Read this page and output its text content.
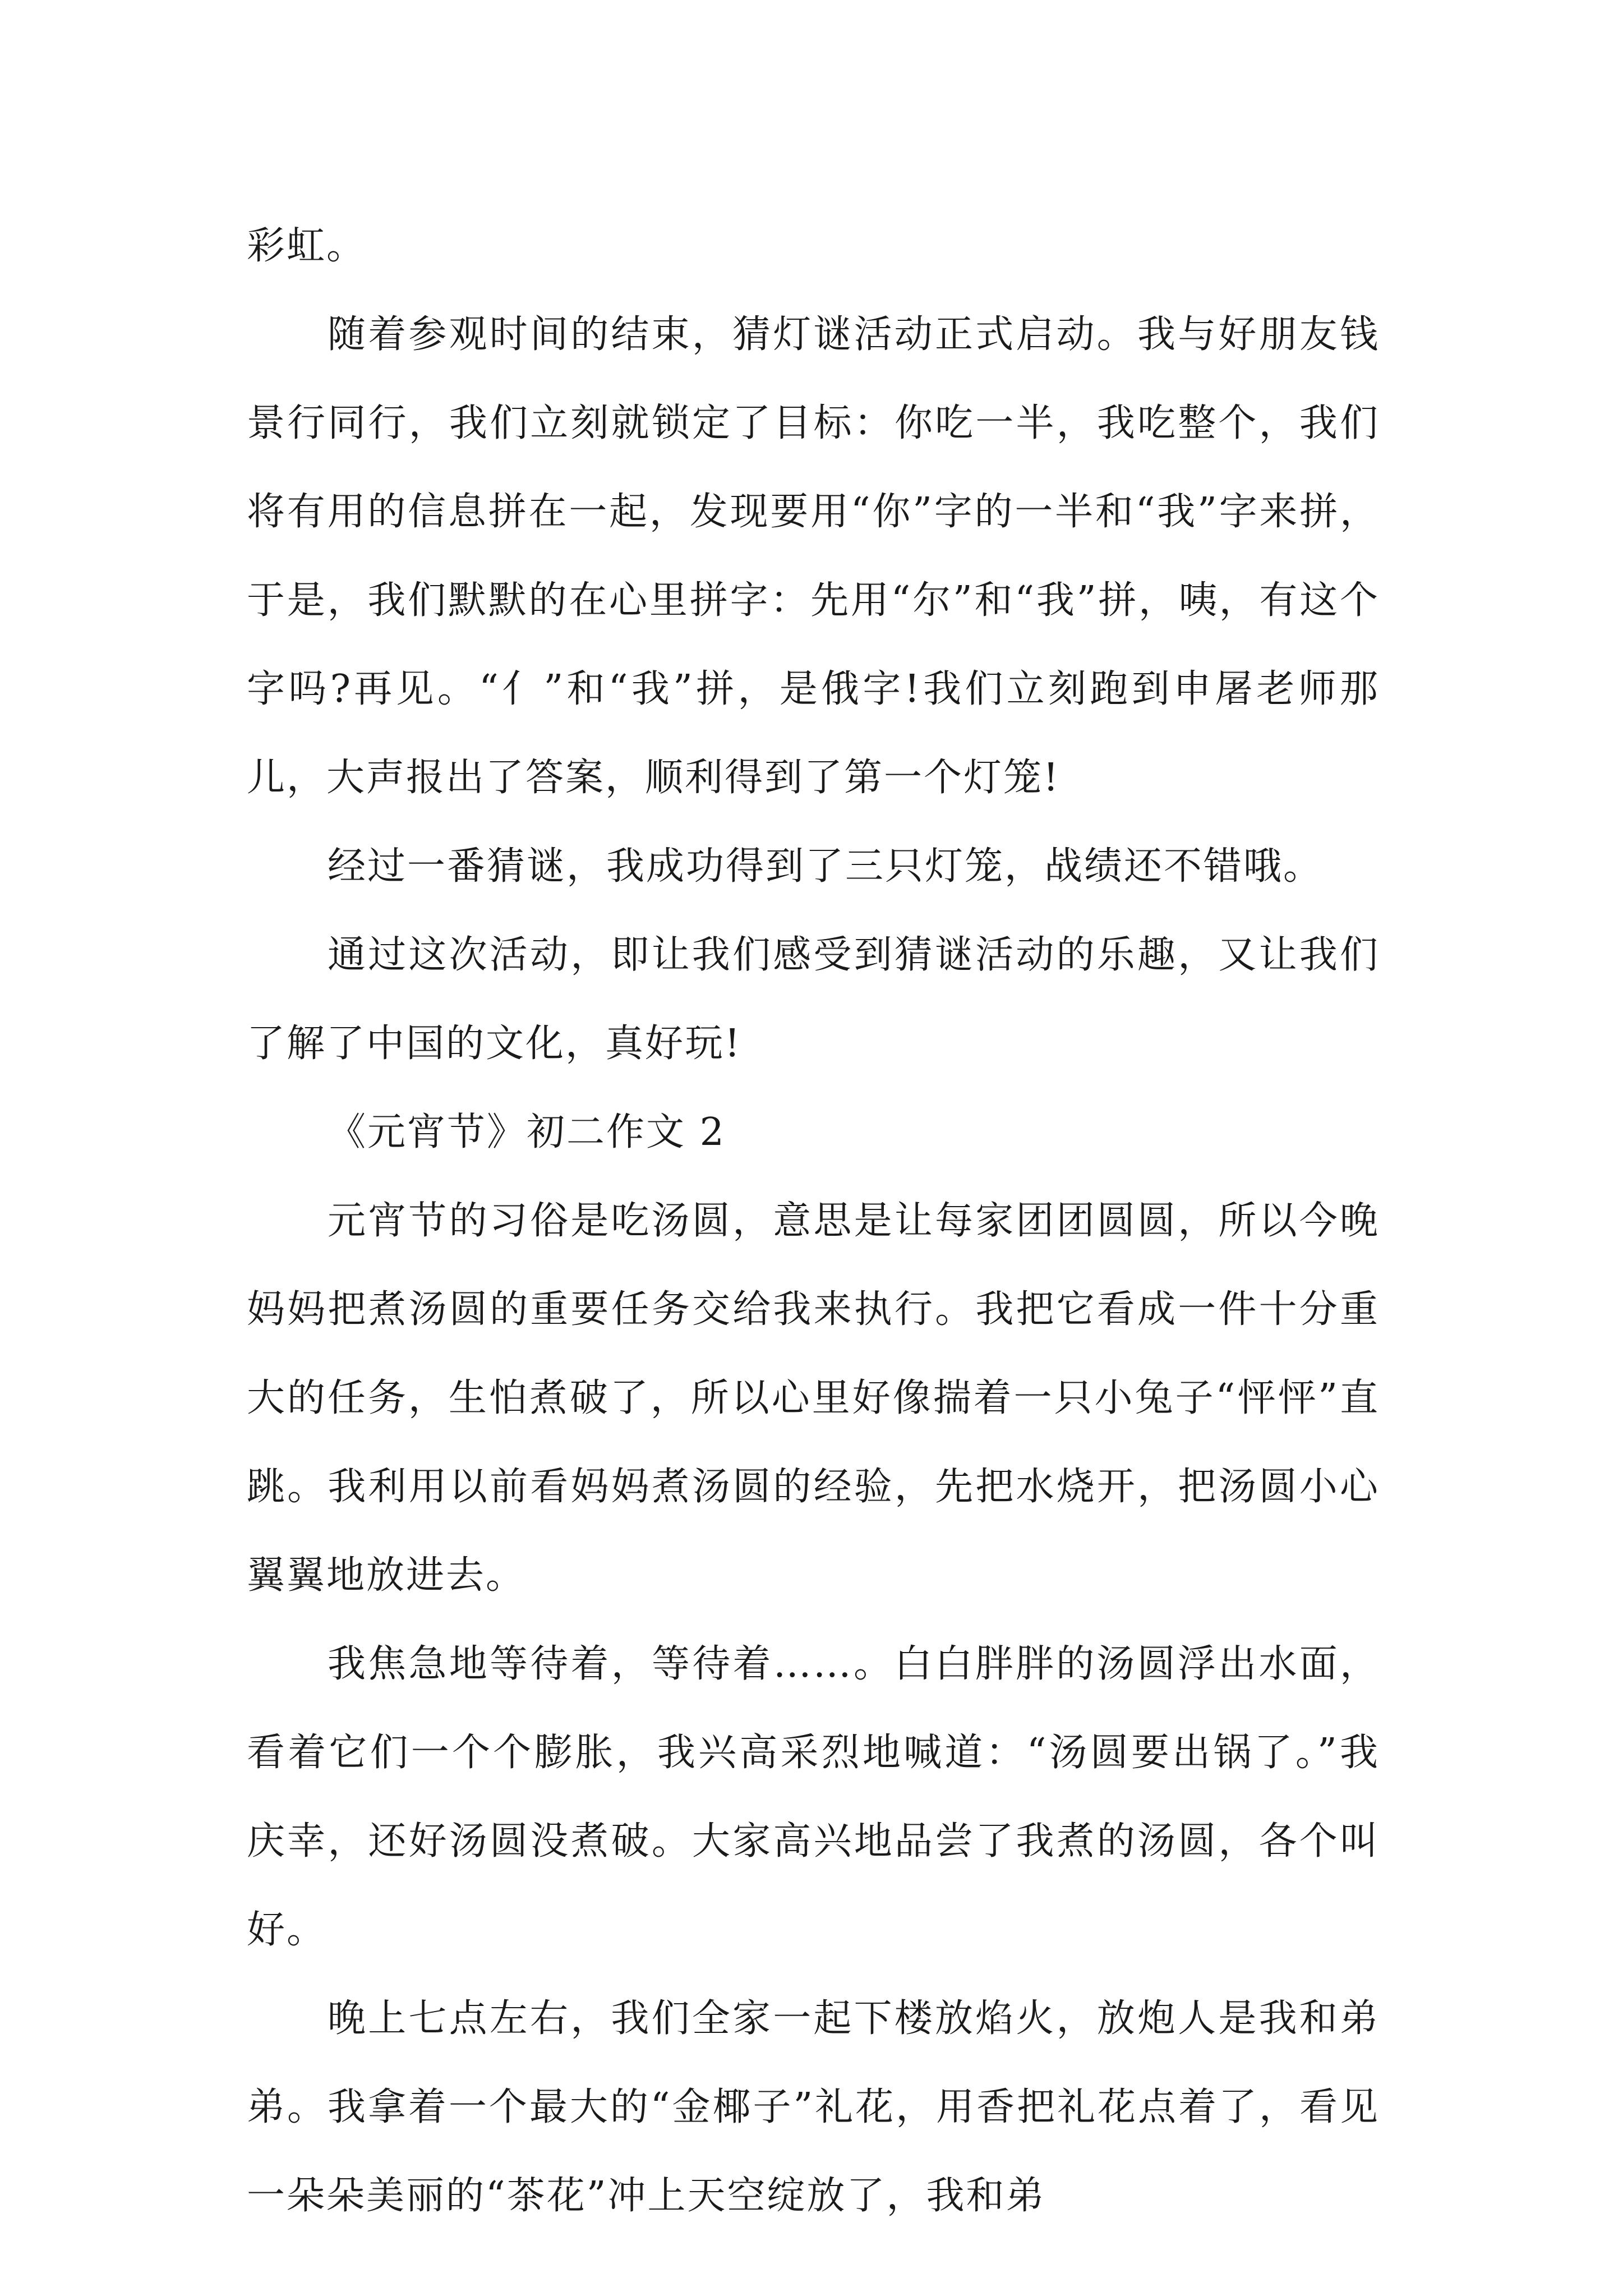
彩虹。

随着参观时间的结束，猜灯谜活动正式启动。我与好朋友钱景行同行，我们立刻就锁定了目标：你吃一半，我吃整个，我们将有用的信息拼在一起，发现要用“你”字的一半和“我”字来拼，于是，我们默默的在心里拼字：先用“尔”和“我”拼，咦，有这个字吗?再见。“亻”和“我”拼，是俄字!我们立刻跑到申屠老师那儿，大声报出了答案，顺利得到了第一个灯笼!

经过一番猜谜，我成功得到了三只灯笼，战绩还不错哦。

通过这次活动，即让我们感受到猜谜活动的乐趣，又让我们了解了中国的文化，真好玩!

《元宵节》初二作文 2

元宵节的习俗是吃汤圆，意思是让每家团团圆圆，所以今晚妈妈把煮汤圆的重要任务交给我来执行。我把它看成一件十分重大的任务，生怕煮破了，所以心里好像揣着一只小兔子“怦怦”直跳。我利用以前看妈妈煮汤圆的经验，先把水烧开，把汤圆小心翼翼地放进去。

我焦急地等待着，等待着……。白白胖胖的汤圆浮出水面，看着它们一个个膨胀，我兴高采烈地喊道：“汤圆要出锅了。”我庆幸，还好汤圆没煮破。大家高兴地品尝了我煮的汤圆，各个叫好。

晚上七点左右，我们全家一起下楼放焰火，放炮人是我和弟弟。我拿着一个最大的“金椰子”礼花，用香把礼花点着了，看见一朵朵美丽的“茶花”冲上天空绽放了，我和弟
